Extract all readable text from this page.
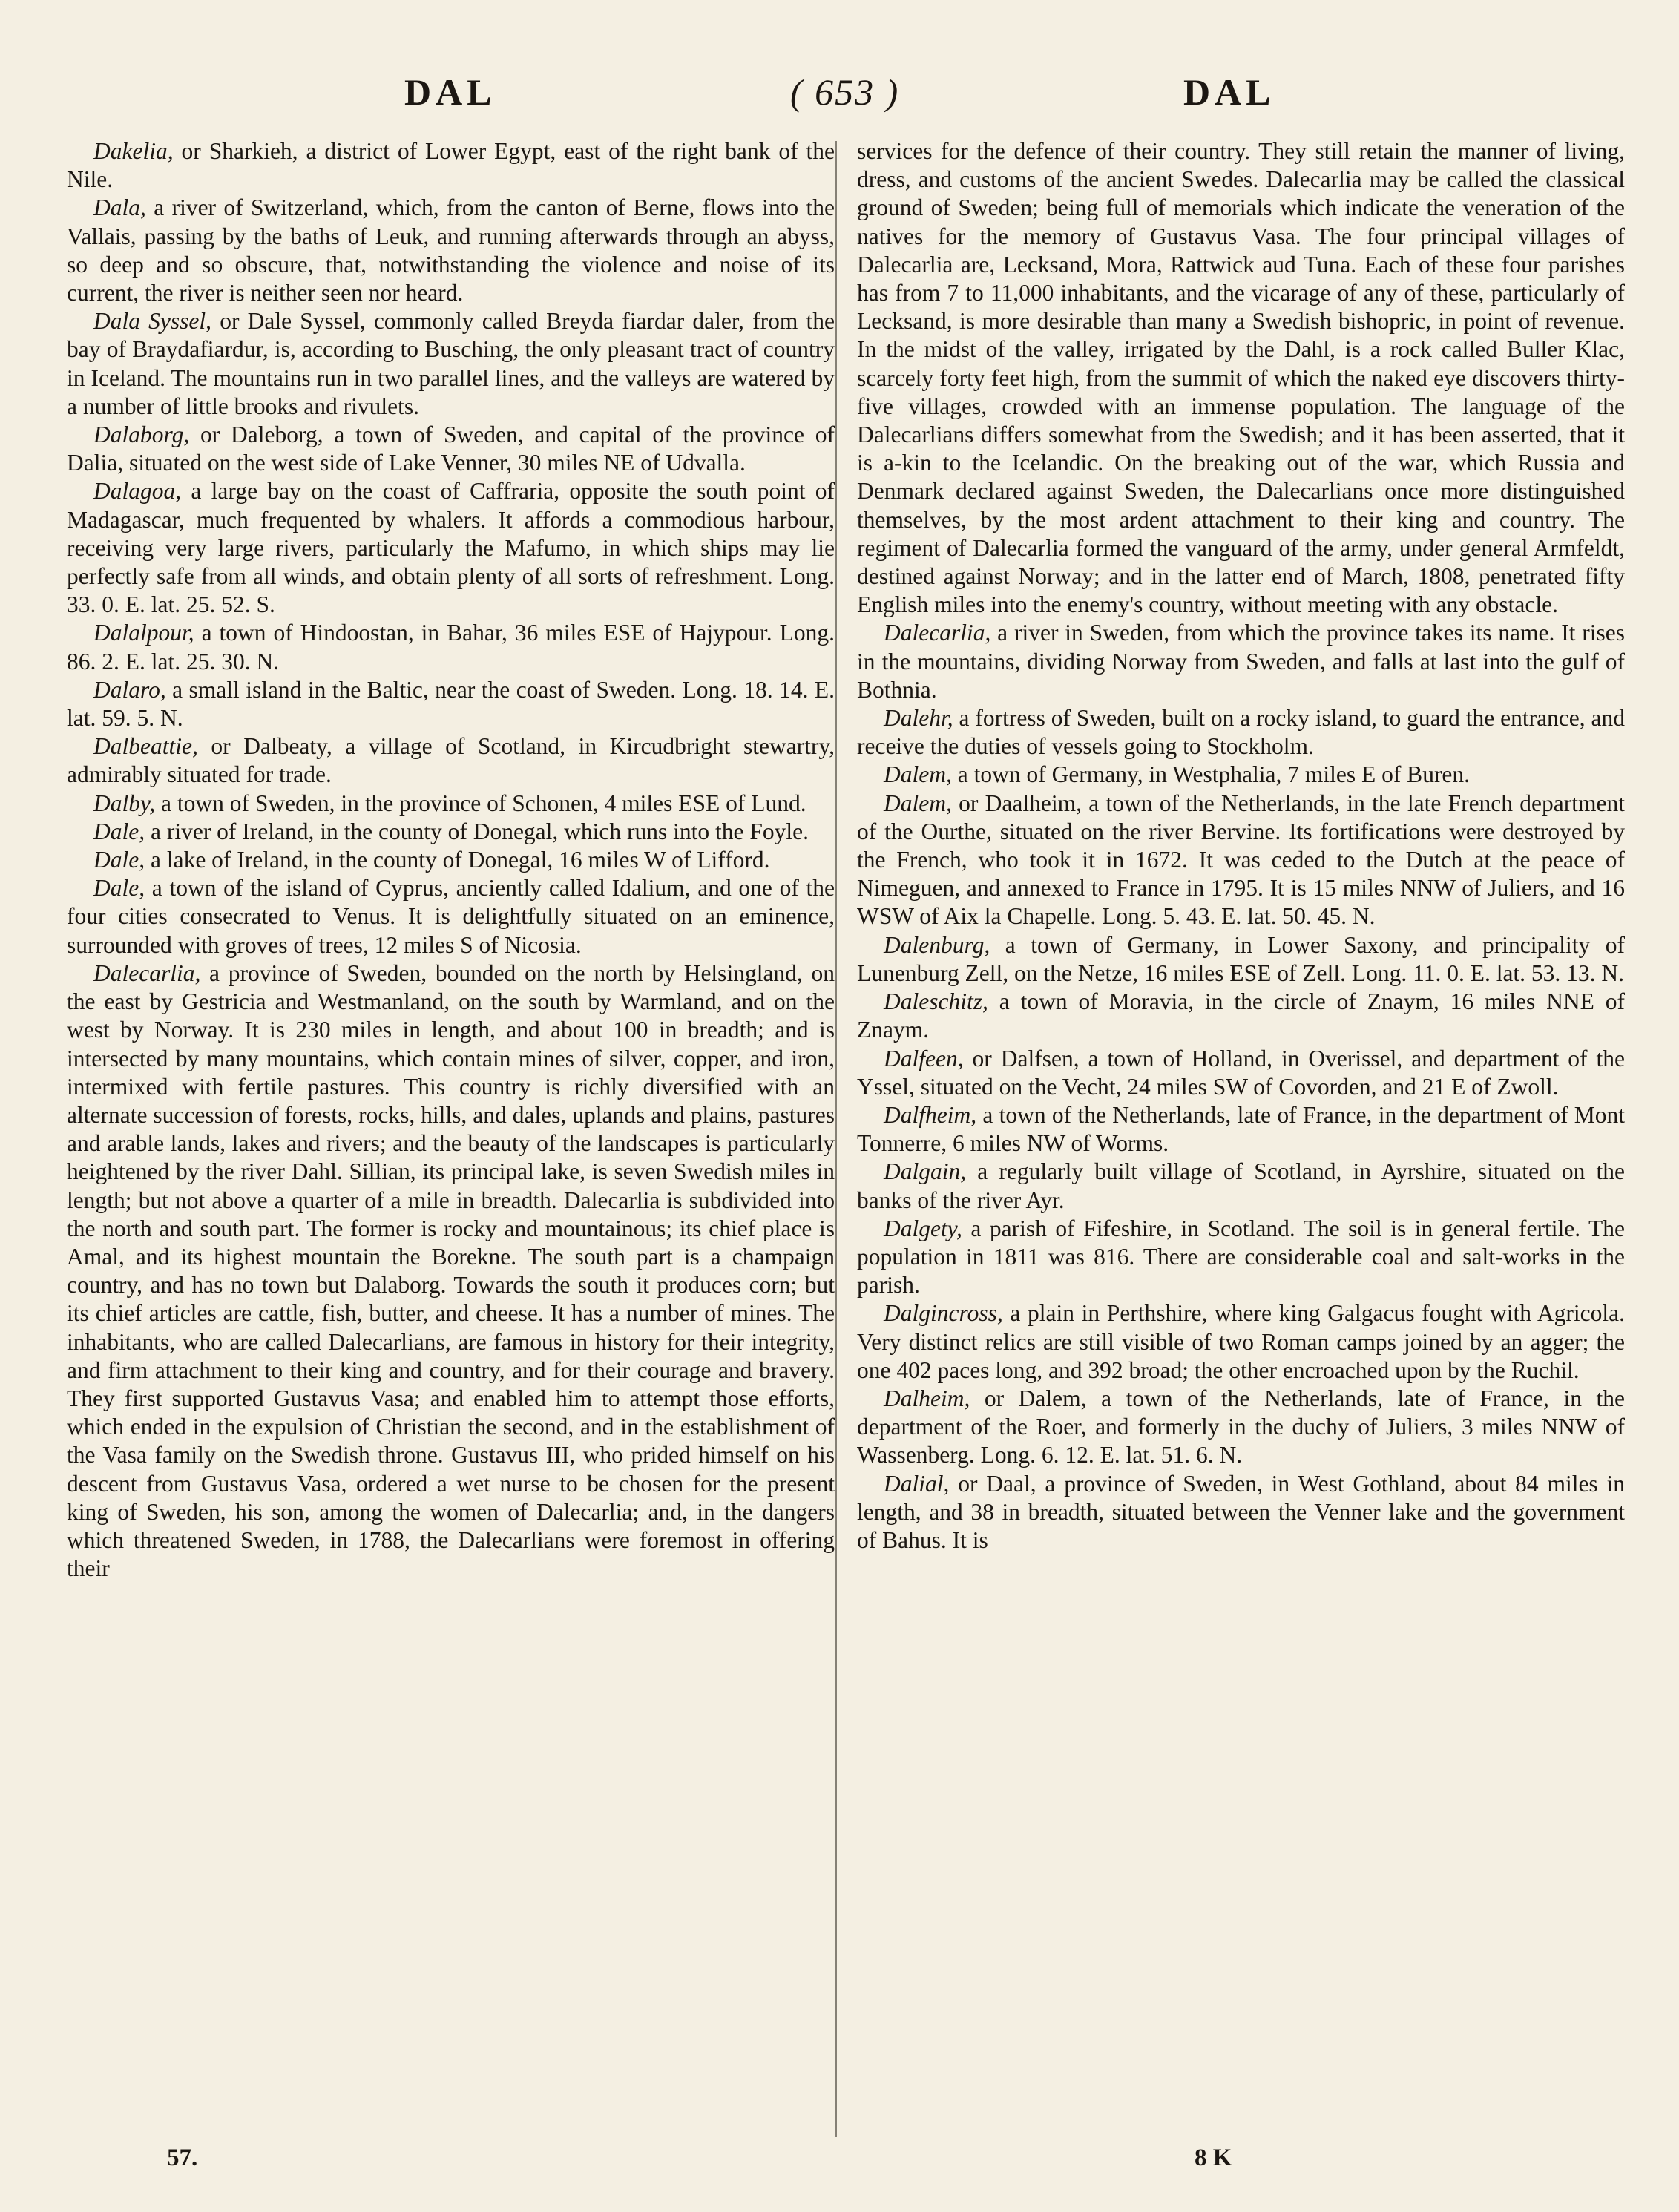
DAL	( 653 )	DAL

Dakelia, or Sharkieh, a district of Lower Egypt, east of the right bank of the Nile.

Dala, a river of Switzerland, which, from the canton of Berne, flows into the Vallais, passing by the baths of Leuk, and running afterwards through an abyss, so deep and so obscure, that, notwithstanding the violence and noise of its current, the river is neither seen nor heard.

Dala Syssel, or Dale Syssel, commonly called Breyda fiardar daler, from the bay of Braydafiardur, is, according to Busching, the only pleasant tract of country in Iceland. The mountains run in two parallel lines, and the valleys are watered by a number of little brooks and rivulets.

Dalaborg, or Daleborg, a town of Sweden, and capital of the province of Dalia, situated on the west side of Lake Venner, 30 miles NE of Udvalla.

Dalagoa, a large bay on the coast of Caffraria, opposite the south point of Madagascar, much frequented by whalers. It affords a commodious harbour, receiving very large rivers, particularly the Mafumo, in which ships may lie perfectly safe from all winds, and obtain plenty of all sorts of refreshment. Long. 33. 0. E. lat. 25. 52. S.

Dalalpour, a town of Hindoostan, in Bahar, 36 miles ESE of Hajypour. Long. 86. 2. E. lat. 25. 30. N.

Dalaro, a small island in the Baltic, near the coast of Sweden. Long. 18. 14. E. lat. 59. 5. N.

Dalbeattie, or Dalbeaty, a village of Scotland, in Kircudbright stewartry, admirably situated for trade.

Dalby, a town of Sweden, in the province of Schonen, 4 miles ESE of Lund.

Dale, a river of Ireland, in the county of Donegal, which runs into the Foyle.

Dale, a lake of Ireland, in the county of Donegal, 16 miles W of Lifford.

Dale, a town of the island of Cyprus, anciently called Idalium, and one of the four cities consecrated to Venus. It is delightfully situated on an eminence, surrounded with groves of trees, 12 miles S of Nicosia.

Dalecarlia, a province of Sweden, bounded on the north by Helsingland, on the east by Gestricia and Westmanland, on the south by Warmland, and on the west by Norway. It is 230 miles in length, and about 100 in breadth; and is intersected by many mountains, which contain mines of silver, copper, and iron, intermixed with fertile pastures. This country is richly diversified with an alternate succession of forests, rocks, hills, and dales, uplands and plains, pastures and arable lands, lakes and rivers; and the beauty of the landscapes is particularly heightened by the river Dahl. Sillian, its principal lake, is seven Swedish miles in length; but not above a quarter of a mile in breadth. Dalecarlia is subdivided into the north and south part. The former is rocky and mountainous; its chief place is Amal, and its highest mountain the Borekne. The south part is a champaign country, and has no town but Dalaborg. Towards the south it produces corn; but its chief articles are cattle, fish, butter, and cheese. It has a number of mines. The inhabitants, who are called Dalecarlians, are famous in history for their integrity, and firm attachment to their king and country, and for their courage and bravery. They first supported Gustavus Vasa; and enabled him to attempt those efforts, which ended in the expulsion of Christian the second, and in the establishment of the Vasa family on the Swedish throne. Gustavus III, who prided himself on his descent from Gustavus Vasa, ordered a wet nurse to be chosen for the present king of Sweden, his son, among the women of Dalecarlia; and, in the dangers which threatened Sweden, in 1788, the Dalecarlians were foremost in offering their

services for the defence of their country. They still retain the manner of living, dress, and customs of the ancient Swedes. Dalecarlia may be called the classical ground of Sweden; being full of memorials which indicate the veneration of the natives for the memory of Gustavus Vasa. The four principal villages of Dalecarlia are, Lecksand, Mora, Rattwick aud Tuna. Each of these four parishes has from 7 to 11,000 inhabitants, and the vicarage of any of these, particularly of Lecksand, is more desirable than many a Swedish bishopric, in point of revenue. In the midst of the valley, irrigated by the Dahl, is a rock called Buller Klac, scarcely forty feet high, from the summit of which the naked eye discovers thirty-five villages, crowded with an immense population. The language of the Dalecarlians differs somewhat from the Swedish; and it has been asserted, that it is a-kin to the Icelandic. On the breaking out of the war, which Russia and Denmark declared against Sweden, the Dalecarlians once more distinguished themselves, by the most ardent attachment to their king and country. The regiment of Dalecarlia formed the vanguard of the army, under general Armfeldt, destined against Norway; and in the latter end of March, 1808, penetrated fifty English miles into the enemy's country, without meeting with any obstacle.

Dalecarlia, a river in Sweden, from which the province takes its name. It rises in the mountains, dividing Norway from Sweden, and falls at last into the gulf of Bothnia.

Dalehr, a fortress of Sweden, built on a rocky island, to guard the entrance, and receive the duties of vessels going to Stockholm.

Dalem, a town of Germany, in Westphalia, 7 miles E of Buren.

Dalem, or Daalheim, a town of the Netherlands, in the late French department of the Ourthe, situated on the river Bervine. Its fortifications were destroyed by the French, who took it in 1672. It was ceded to the Dutch at the peace of Nimeguen, and annexed to France in 1795. It is 15 miles NNW of Juliers, and 16 WSW of Aix la Chapelle. Long. 5. 43. E. lat. 50. 45. N.

Dalenburg, a town of Germany, in Lower Saxony, and principality of Lunenburg Zell, on the Netze, 16 miles ESE of Zell. Long. 11. 0. E. lat. 53. 13. N.

Daleschitz, a town of Moravia, in the circle of Znaym, 16 miles NNE of Znaym.

Dalfeen, or Dalfsen, a town of Holland, in Overissel, and department of the Yssel, situated on the Vecht, 24 miles SW of Covorden, and 21 E of Zwoll.

Dalfheim, a town of the Netherlands, late of France, in the department of Mont Tonnerre, 6 miles NW of Worms.

Dalgain, a regularly built village of Scotland, in Ayrshire, situated on the banks of the river Ayr.

Dalgety, a parish of Fifeshire, in Scotland. The soil is in general fertile. The population in 1811 was 816. There are considerable coal and salt-works in the parish.

Dalgincross, a plain in Perthshire, where king Galgacus fought with Agricola. Very distinct relics are still visible of two Roman camps joined by an agger; the one 402 paces long, and 392 broad; the other encroached upon by the Ruchil.

Dalheim, or Dalem, a town of the Netherlands, late of France, in the department of the Roer, and formerly in the duchy of Juliers, 3 miles NNW of Wassenberg. Long. 6. 12. E. lat. 51. 6. N.

Dalial, or Daal, a province of Sweden, in West Gothland, about 84 miles in length, and 38 in breadth, situated between the Venner lake and the government of Bahus. It is

57.	8 K
